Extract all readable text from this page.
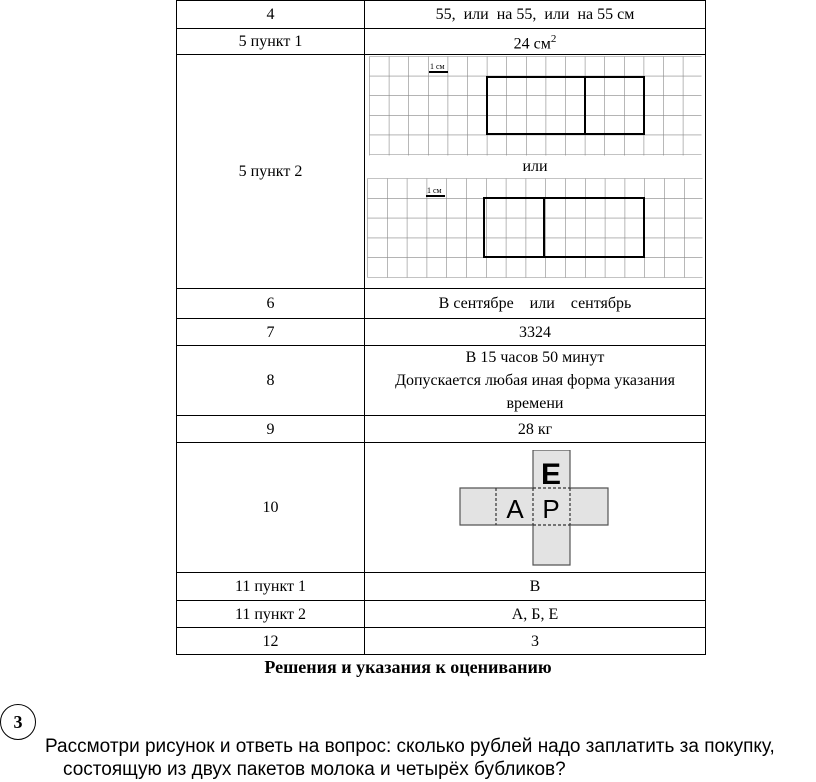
4	55,  или  на 55,  или  на 55 см
5 пункт 1	24 $см^2$
5 пункт 2	1 см
или
1 см

6	В сентябре    или    сентябрь
7	3324
8	В 15 часов 50 минут
Допускается любая иная форма указания
времени

9	28 кг
10	Е
А Р

11 пункт 1	В
11 пункт 2	А, Б, Е
12	3
Решения и указания к оцениванию
3
Рассмотри рисунок и ответь на вопрос: сколько рублей надо заплатить за покупку,
состоящую из двух пакетов молока и четырёх бубликов?
